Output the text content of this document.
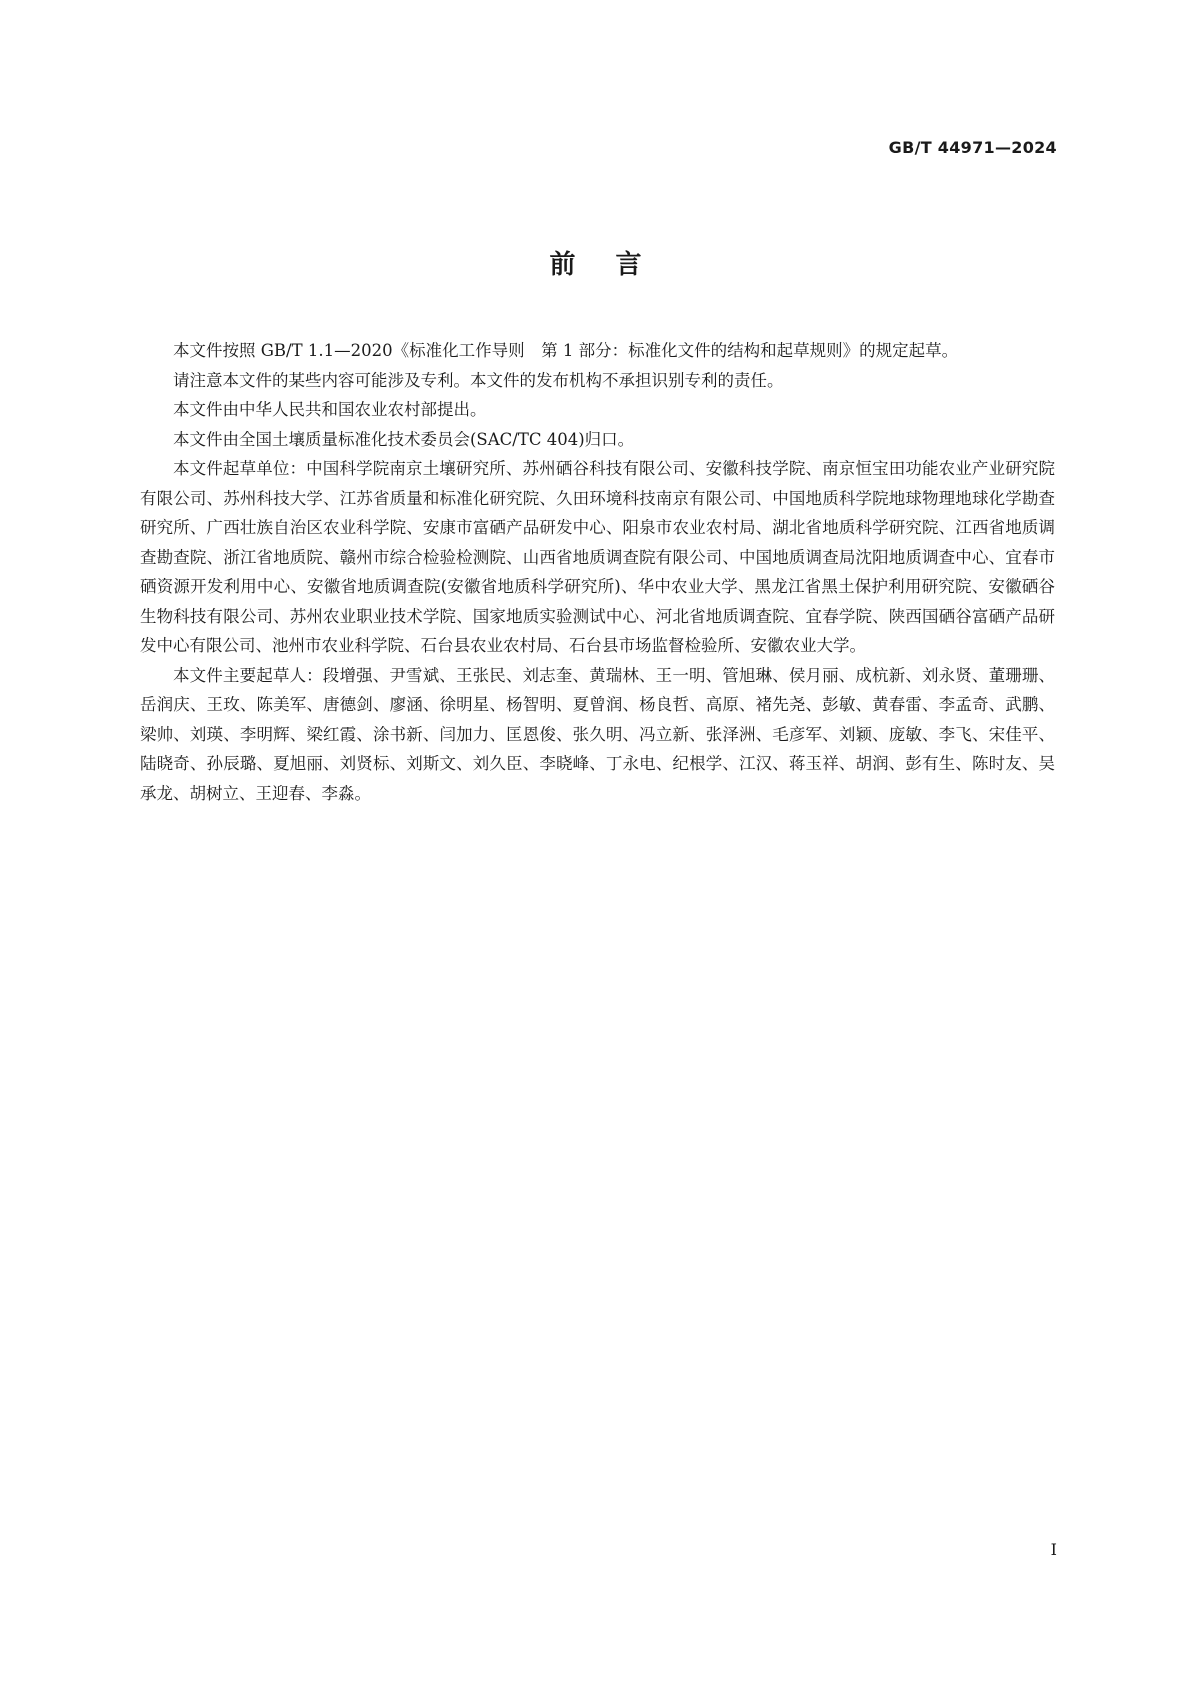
GB/T 44971—2024
前言

本文件按照 GB/T 1.1—2020《标准化工作导则　第 1 部分：标准化文件的结构和起草规则》的规定起草。

请注意本文件的某些内容可能涉及专利。本文件的发布机构不承担识别专利的责任。

本文件由中华人民共和国农业农村部提出。

本文件由全国土壤质量标准化技术委员会(SAC/TC 404)归口。

本文件起草单位：中国科学院南京土壤研究所、苏州硒谷科技有限公司、安徽科技学院、南京恒宝田功能农业产业研究院有限公司、苏州科技大学、江苏省质量和标准化研究院、久田环境科技南京有限公司、中国地质科学院地球物理地球化学勘查研究所、广西壮族自治区农业科学院、安康市富硒产品研发中心、阳泉市农业农村局、湖北省地质科学研究院、江西省地质调查勘查院、浙江省地质院、赣州市综合检验检测院、山西省地质调查院有限公司、中国地质调查局沈阳地质调查中心、宜春市硒资源开发利用中心、安徽省地质调查院(安徽省地质科学研究所)、华中农业大学、黑龙江省黑土保护利用研究院、安徽硒谷生物科技有限公司、苏州农业职业技术学院、国家地质实验测试中心、河北省地质调查院、宜春学院、陕西国硒谷富硒产品研发中心有限公司、池州市农业科学院、石台县农业农村局、石台县市场监督检验所、安徽农业大学。

本文件主要起草人：段增强、尹雪斌、王张民、刘志奎、黄瑞林、王一明、管旭琳、侯月丽、成杭新、刘永贤、董珊珊、岳润庆、王玫、陈美军、唐德剑、廖涵、徐明星、杨智明、夏曾润、杨良哲、高原、褚先尧、彭敏、黄春雷、李孟奇、武鹏、梁帅、刘瑛、李明辉、梁红霞、涂书新、闫加力、匡恩俊、张久明、冯立新、张泽洲、毛彦军、刘颖、庞敏、李飞、宋佳平、陆晓奇、孙辰璐、夏旭丽、刘贤标、刘斯文、刘久臣、李晓峰、丁永电、纪根学、江汉、蒋玉祥、胡润、彭有生、陈时友、吴承龙、胡树立、王迎春、李淼。

I
